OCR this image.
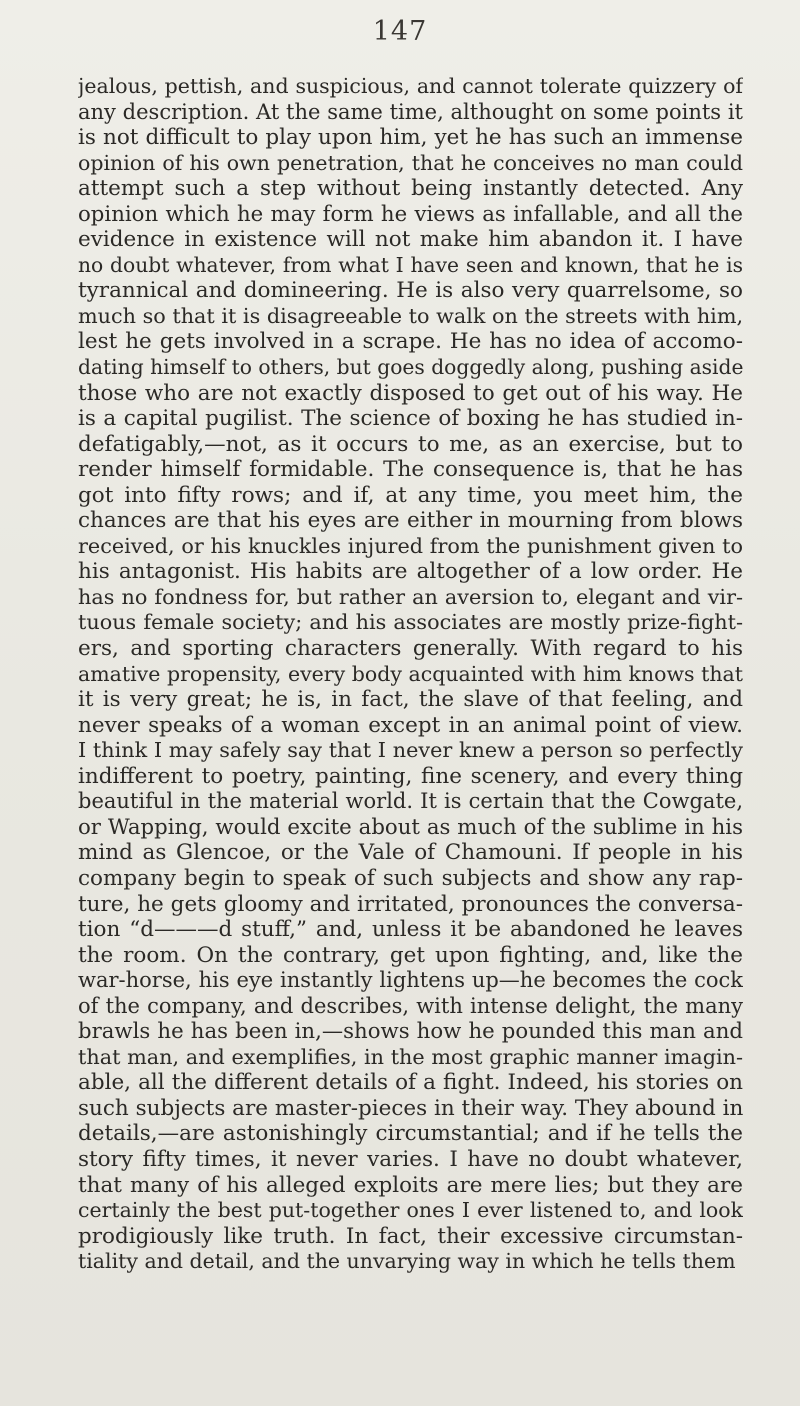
147
jealous, pettish, and suspicious, and cannot tolerate quizzery of
any description. At the same time, althought on some points it
is not difficult to play upon him, yet he has such an immense
opinion of his own penetration, that he conceives no man could
attempt such a step without being instantly detected. Any
opinion which he may form he views as infallable, and all the
evidence in existence will not make him abandon it. I have
no doubt whatever, from what I have seen and known, that he is
tyrannical and domineering. He is also very quarrelsome, so
much so that it is disagreeable to walk on the streets with him,
lest he gets involved in a scrape. He has no idea of accomo-
dating himself to others, but goes doggedly along, pushing aside
those who are not exactly disposed to get out of his way. He
is a capital pugilist. The science of boxing he has studied in-
defatigably,—not, as it occurs to me, as an exercise, but to
render himself formidable. The consequence is, that he has
got into fifty rows; and if, at any time, you meet him, the
chances are that his eyes are either in mourning from blows
received, or his knuckles injured from the punishment given to
his antagonist. His habits are altogether of a low order. He
has no fondness for, but rather an aversion to, elegant and vir-
tuous female society; and his associates are mostly prize-fight-
ers, and sporting characters generally. With regard to his
amative propensity, every body acquainted with him knows that
it is very great; he is, in fact, the slave of that feeling, and
never speaks of a woman except in an animal point of view.
I think I may safely say that I never knew a person so perfectly
indifferent to poetry, painting, fine scenery, and every thing
beautiful in the material world. It is certain that the Cowgate,
or Wapping, would excite about as much of the sublime in his
mind as Glencoe, or the Vale of Chamouni. If people in his
company begin to speak of such subjects and show any rap-
ture, he gets gloomy and irritated, pronounces the conversa-
tion “d———d stuff,” and, unless it be abandoned he leaves
the room. On the contrary, get upon fighting, and, like the
war-horse, his eye instantly lightens up—he becomes the cock
of the company, and describes, with intense delight, the many
brawls he has been in,—shows how he pounded this man and
that man, and exemplifies, in the most graphic manner imagin-
able, all the different details of a fight. Indeed, his stories on
such subjects are master-pieces in their way. They abound in
details,—are astonishingly circumstantial; and if he tells the
story fifty times, it never varies. I have no doubt whatever,
that many of his alleged exploits are mere lies; but they are
certainly the best put-together ones I ever listened to, and look
prodigiously like truth. In fact, their excessive circumstan-
tiality and detail, and the unvarying way in which he tells them
